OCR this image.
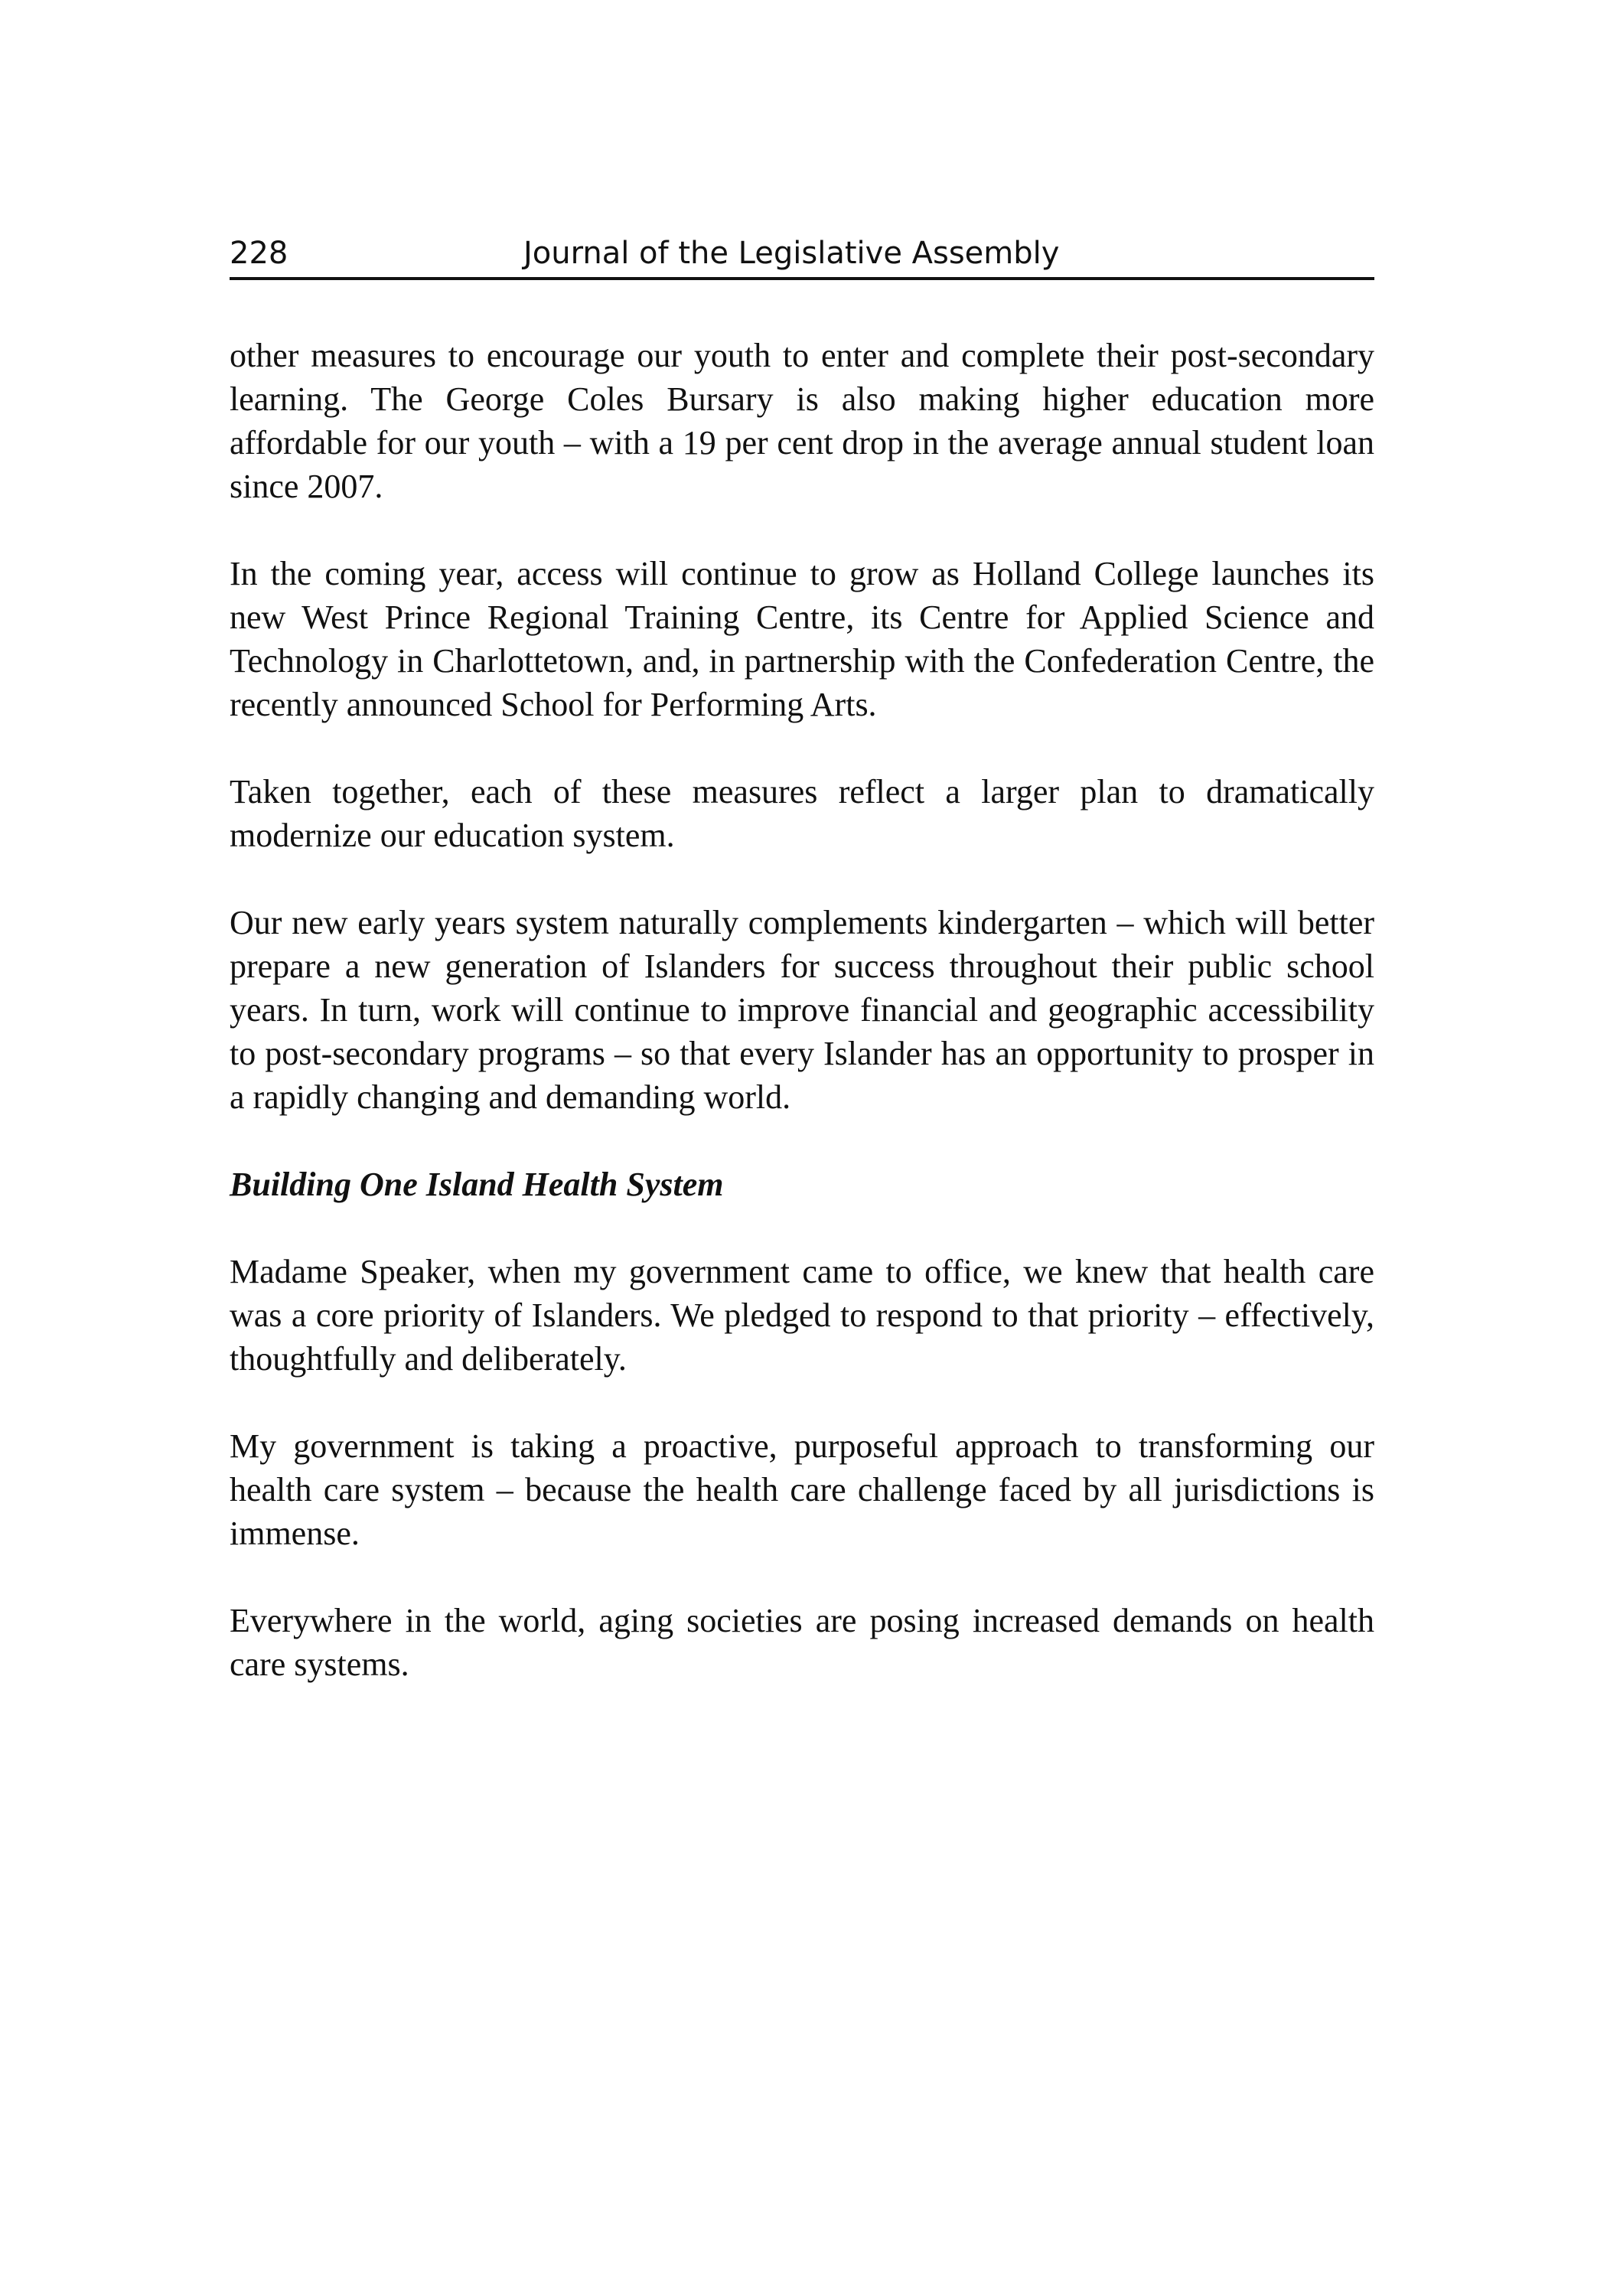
228	Journal of the Legislative Assembly

other measures to encourage our youth to enter and complete their post-secondary learning. The George Coles Bursary is also making higher education more affordable for our youth – with a 19 per cent drop in the average annual student loan since 2007.

In the coming year, access will continue to grow as Holland College launches its new West Prince Regional Training Centre, its Centre for Applied Science and Technology in Charlottetown, and, in partnership with the Confederation Centre, the recently announced School for Performing Arts.

Taken together, each of these measures reflect a larger plan to dramatically modernize our education system.

Our new early years system naturally complements kindergarten – which will better prepare a new generation of Islanders for success throughout their public school years. In turn, work will continue to improve financial and geographic accessibility to post-secondary programs – so that every Islander has an opportunity to prosper in a rapidly changing and demanding world.

Building One Island Health System

Madame Speaker, when my government came to office, we knew that health care was a core priority of Islanders. We pledged to respond to that priority – effectively, thoughtfully and deliberately.

My government is taking a proactive, purposeful approach to transforming our health care system – because the health care challenge faced by all jurisdictions is immense.

Everywhere in the world, aging societies are posing increased demands on health care systems.
